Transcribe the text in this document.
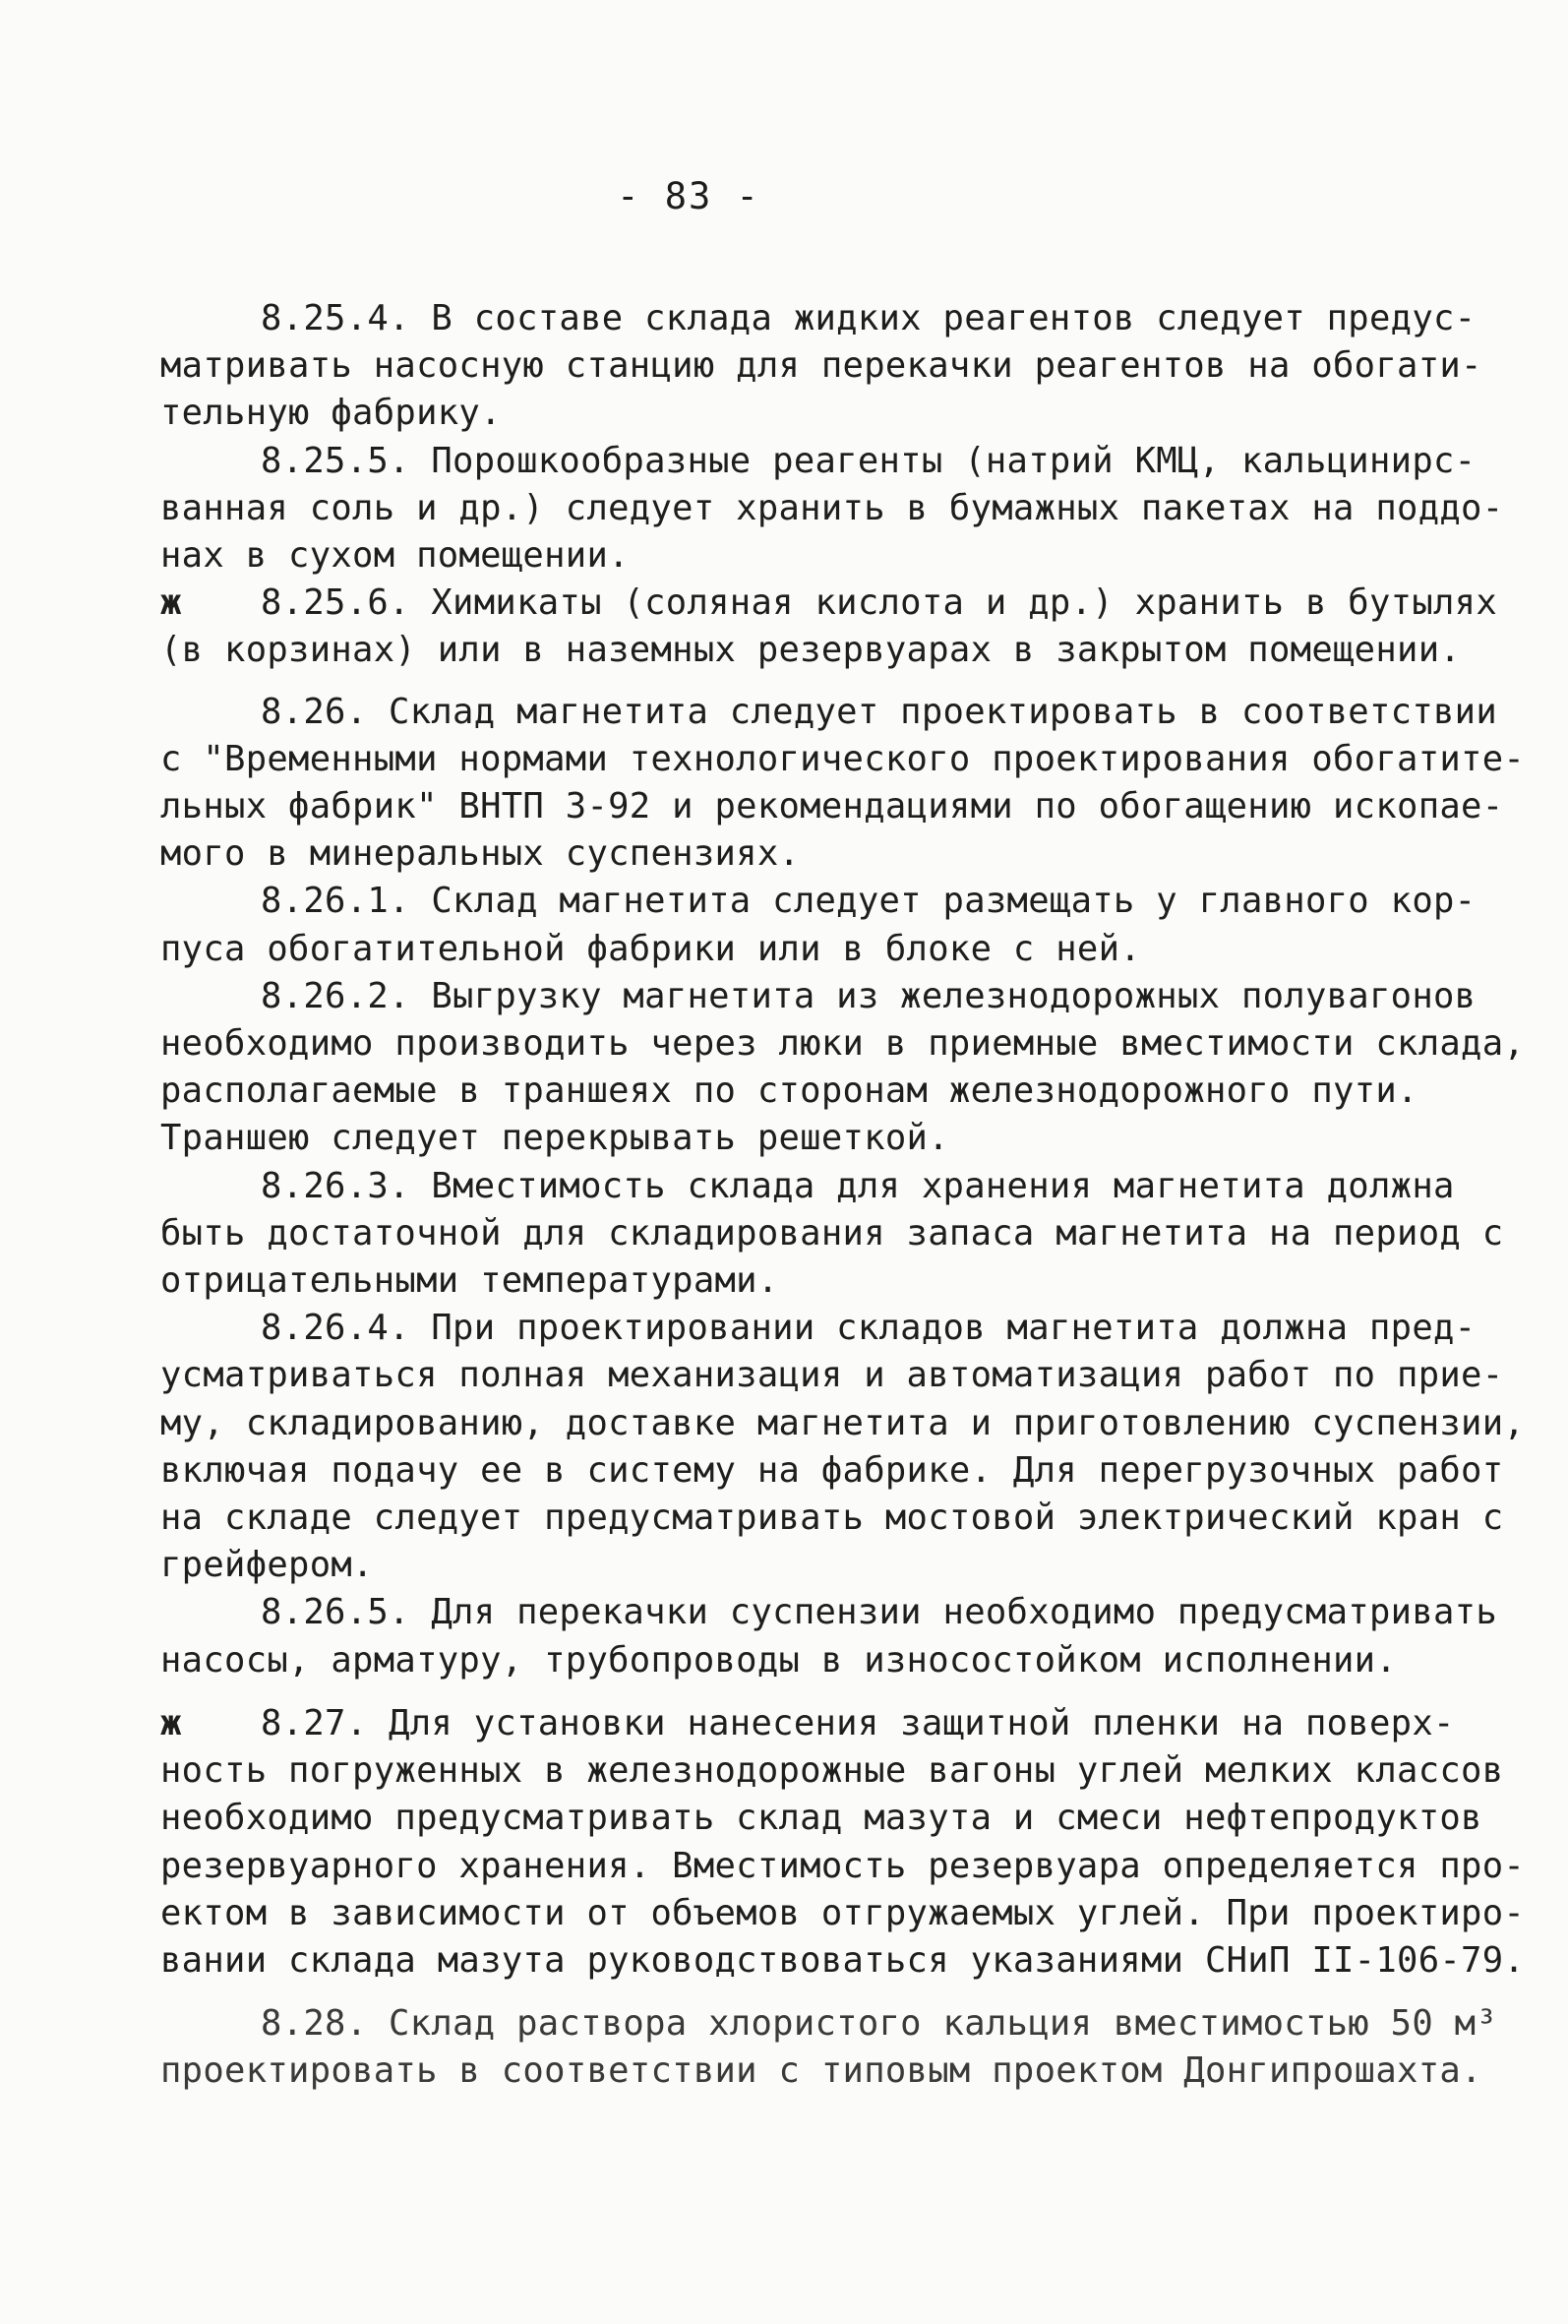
- 83 -
8.25.4. В составе склада жидких реагентов следует предус-
матривать насосную станцию для перекачки реагентов на обогати-
тельную фабрику.
8.25.5. Порошкообразные реагенты (натрий КМЦ, кальцинирс-
ванная соль и др.) следует хранить в бумажных пакетах на поддо-
нах в сухом помещении.
ж 8.25.6. Химикаты (соляная кислота и др.) хранить в бутылях
(в корзинах) или в наземных резервуарах в закрытом помещении.
8.26. Склад магнетита следует проектировать в соответствии
с "Временными нормами технологического проектирования обогатите-
льных фабрик" ВНТП 3-92 и рекомендациями по обогащению ископае-
мого в минеральных суспензиях.
8.26.1. Склад магнетита следует размещать у главного кор-
пуса обогатительной фабрики или в блоке с ней.
8.26.2. Выгрузку магнетита из железнодорожных полувагонов
необходимо производить через люки в приемные вместимости склада,
располагаемые в траншеях по сторонам железнодорожного пути.
Траншею следует перекрывать решеткой.
8.26.3. Вместимость склада для хранения магнетита должна
быть достаточной для складирования запаса магнетита на период с
отрицательными температурами.
8.26.4. При проектировании складов магнетита должна пред-
усматриваться полная механизация и автоматизация работ по прие-
му, складированию, доставке магнетита и приготовлению суспензии,
включая подачу ее в систему на фабрике. Для перегрузочных работ
на складе следует предусматривать мостовой электрический кран с
грейфером.
8.26.5. Для перекачки суспензии необходимо предусматривать
насосы, арматуру, трубопроводы в износостойком исполнении.
ж 8.27. Для установки нанесения защитной пленки на поверх-
ность погруженных в железнодорожные вагоны углей мелких классов
необходимо предусматривать склад мазута и смеси нефтепродуктов
резервуарного хранения. Вместимость резервуара определяется про-
ектом в зависимости от объемов отгружаемых углей. При проектиро-
вании склада мазута руководствоваться указаниями СНиП II-106-79.
8.28. Склад раствора хлористого кальция вместимостью 50 м³
проектировать в соответствии с типовым проектом Донгипрошахта.
